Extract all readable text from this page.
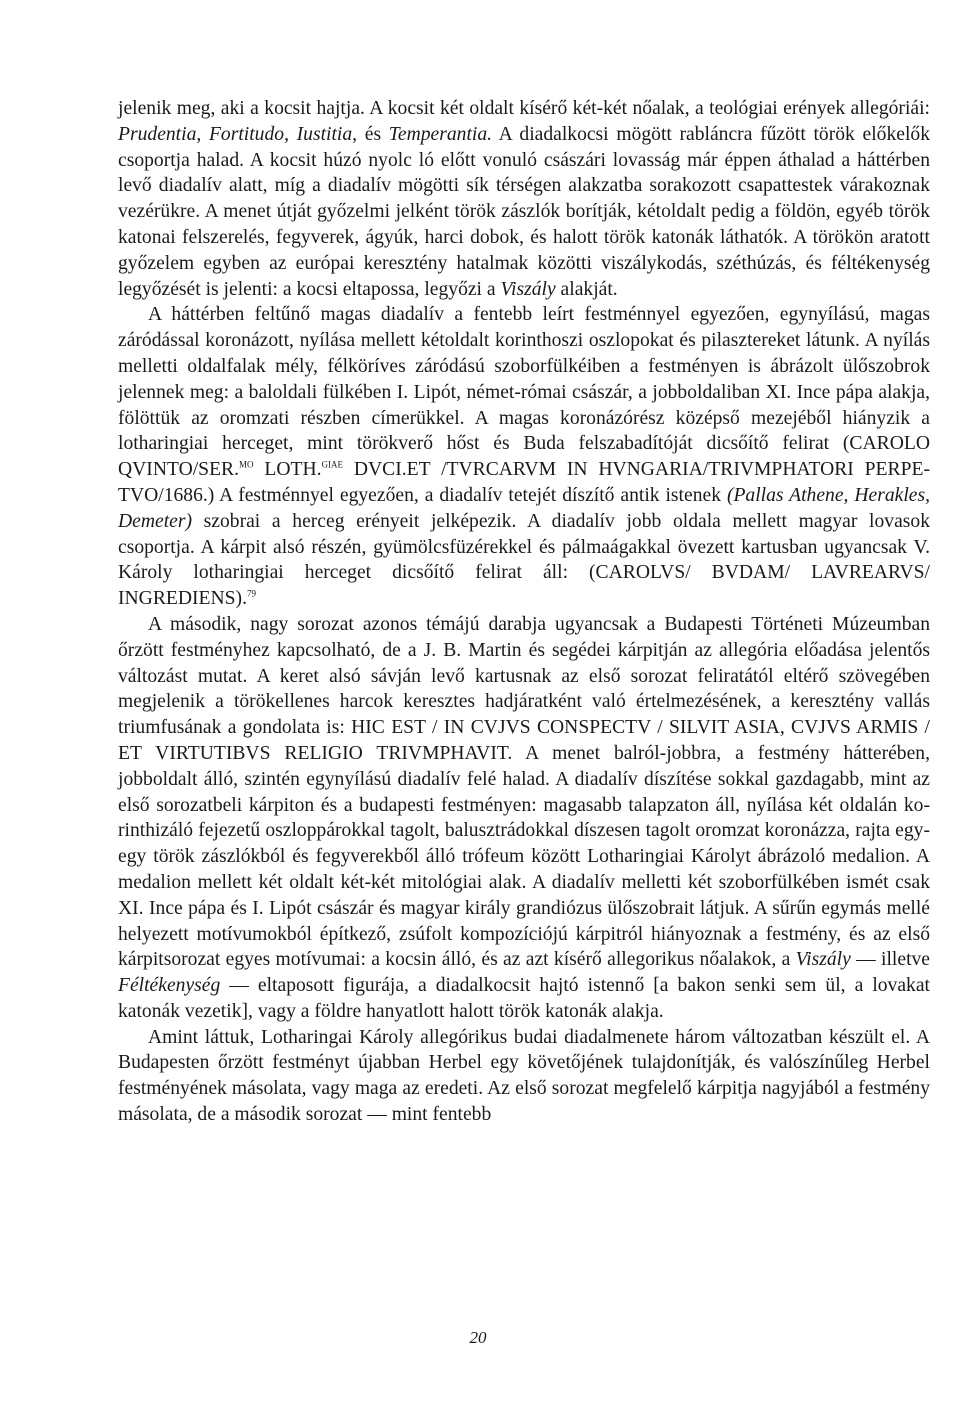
jelenik meg, aki a kocsit hajtja. A kocsit két oldalt kísérő két-két nőalak, a teológiai erények allegóriái: Prudentia, Fortitudo, Iustitia, és Temperantia. A diadalkocsi mögött rabláncra fűzött török előkelők csoportja halad. A kocsit húzó nyolc ló előtt vonuló császári lovasság már éppen áthalad a háttérben levő diadalív alatt, míg a diadalív mögötti sík térségen alakzatba sorakozott csapattestek várakoznak vezérükre. A menet útját győzelmi jelként török zászlók borítják, kétoldalt pedig a földön, egyéb török katonai felszerelés, fegyverek, ágyúk, harci dobok, és halott török katonák láthatók. A törökön aratott győzelem egyben az európai keresztény hatalmak közötti viszálykodás, széthúzás, és féltékenység legyőzését is jelenti: a kocsi eltapossa, legyőzi a Viszály alakját.

A háttérben feltűnő magas diadalív a fentebb leírt festménnyel egyezően, egynyílású, magas záródással koronázott, nyílása mellett kétoldalt korinthoszi oszlopokat és pilasztereket látunk. A nyílás melletti oldalfalak mély, félköríves záródású szoborfülkéiben a festményen is ábrázolt ülőszobrok jelennek meg: a baloldali fülkében I. Lipót, német-római császár, a jobboldaliban XI. Ince pápa alakja, fölöttük az oromzati részben címerükkel. A magas koronázórész középső mezejéből hiányzik a lotharingiai herceget, mint törökverő hőst és Buda felszabadítóját dicsőítő felirat (CAROLO QVINTO/SER.$^{MO}$ LOTH.$^{GIAE}$ DVCI.ET /TVRCARVM IN HVNGARIA/TRIVMPHATORI PERPETVO/1686.) A festménnyel egyezően, a diadalív tetejét díszítő antik istenek (Pallas Athene, Herakles, Demeter) szobrai a herceg erényeit jelképezik. A diadalív jobb oldala mellett magyar lovasok csoportja. A kárpit alsó részén, gyümölcsfüzérekkel és pálmaágakkal övezett kartusban ugyancsak V. Károly lotharingiai herceget dicsőítő felirat áll: (CAROLVS/ BVDAM/ LAVREARVS/ INGREDIENS).$^{79}$

A második, nagy sorozat azonos témájú darabja ugyancsak a Budapesti Történeti Múzeumban őrzött festményhez kapcsolható, de a J. B. Martin és segédei kárpitján az allegória előadása jelentős változást mutat. A keret alsó sávján levő kartusnak az első sorozat feliratától eltérő szövegében megjelenik a törökellenes harcok keresztes hadjáratként való értelmezésének, a keresztény vallás triumfusának a gondolata is: HIC EST / IN CVJVS CONSPECTV / SILVIT ASIA, CVJVS ARMIS / ET VIRTUTIBVS RELIGIO TRIVMPHAVIT. A menet balról-jobbra, a festmény hátterében, jobboldalt álló, szintén egynyílású diadalív felé halad. A diadalív díszítése sokkal gazdagabb, mint az első sorozatbeli kárpiton és a budapesti festményen: magasabb talapzaton áll, nyílása két oldalán korinthizáló fejezetű oszloppárokkal tagolt, balusztrádokkal díszesen tagolt oromzat koronázza, rajta egy-egy török zászlókból és fegyverekből álló trófeum között Lotharingiai Károlyt ábrázoló medalion. A medalion mellett két oldalt két-két mitológiai alak. A diadalív melletti két szoborfülkében ismét csak XI. Ince pápa és I. Lipót császár és magyar király grandiózus ülőszobrait látjuk. A sűrűn egymás mellé helyezett motívumokból építkező, zsúfolt kompozíciójú kárpitról hiányoznak a festmény, és az első kárpitsorozat egyes motívumai: a kocsin álló, és az azt kísérő allegorikus nőalakok, a Viszály — illetve Féltékenység — eltaposott figurája, a diadalkocsit hajtó istennő [a bakon senki sem ül, a lovakat katonák vezetik], vagy a földre hanyatlott halott török katonák alakja.

Amint láttuk, Lotharingai Károly allegórikus budai diadalmenete három változatban készült el. A Budapesten őrzött festményt újabban Herbel egy követőjének tulajdonítják, és valószínűleg Herbel festményének másolata, vagy maga az eredeti. Az első sorozat megfelelő kárpitja nagyjából a festmény másolata, de a második sorozat — mint fentebb

20
